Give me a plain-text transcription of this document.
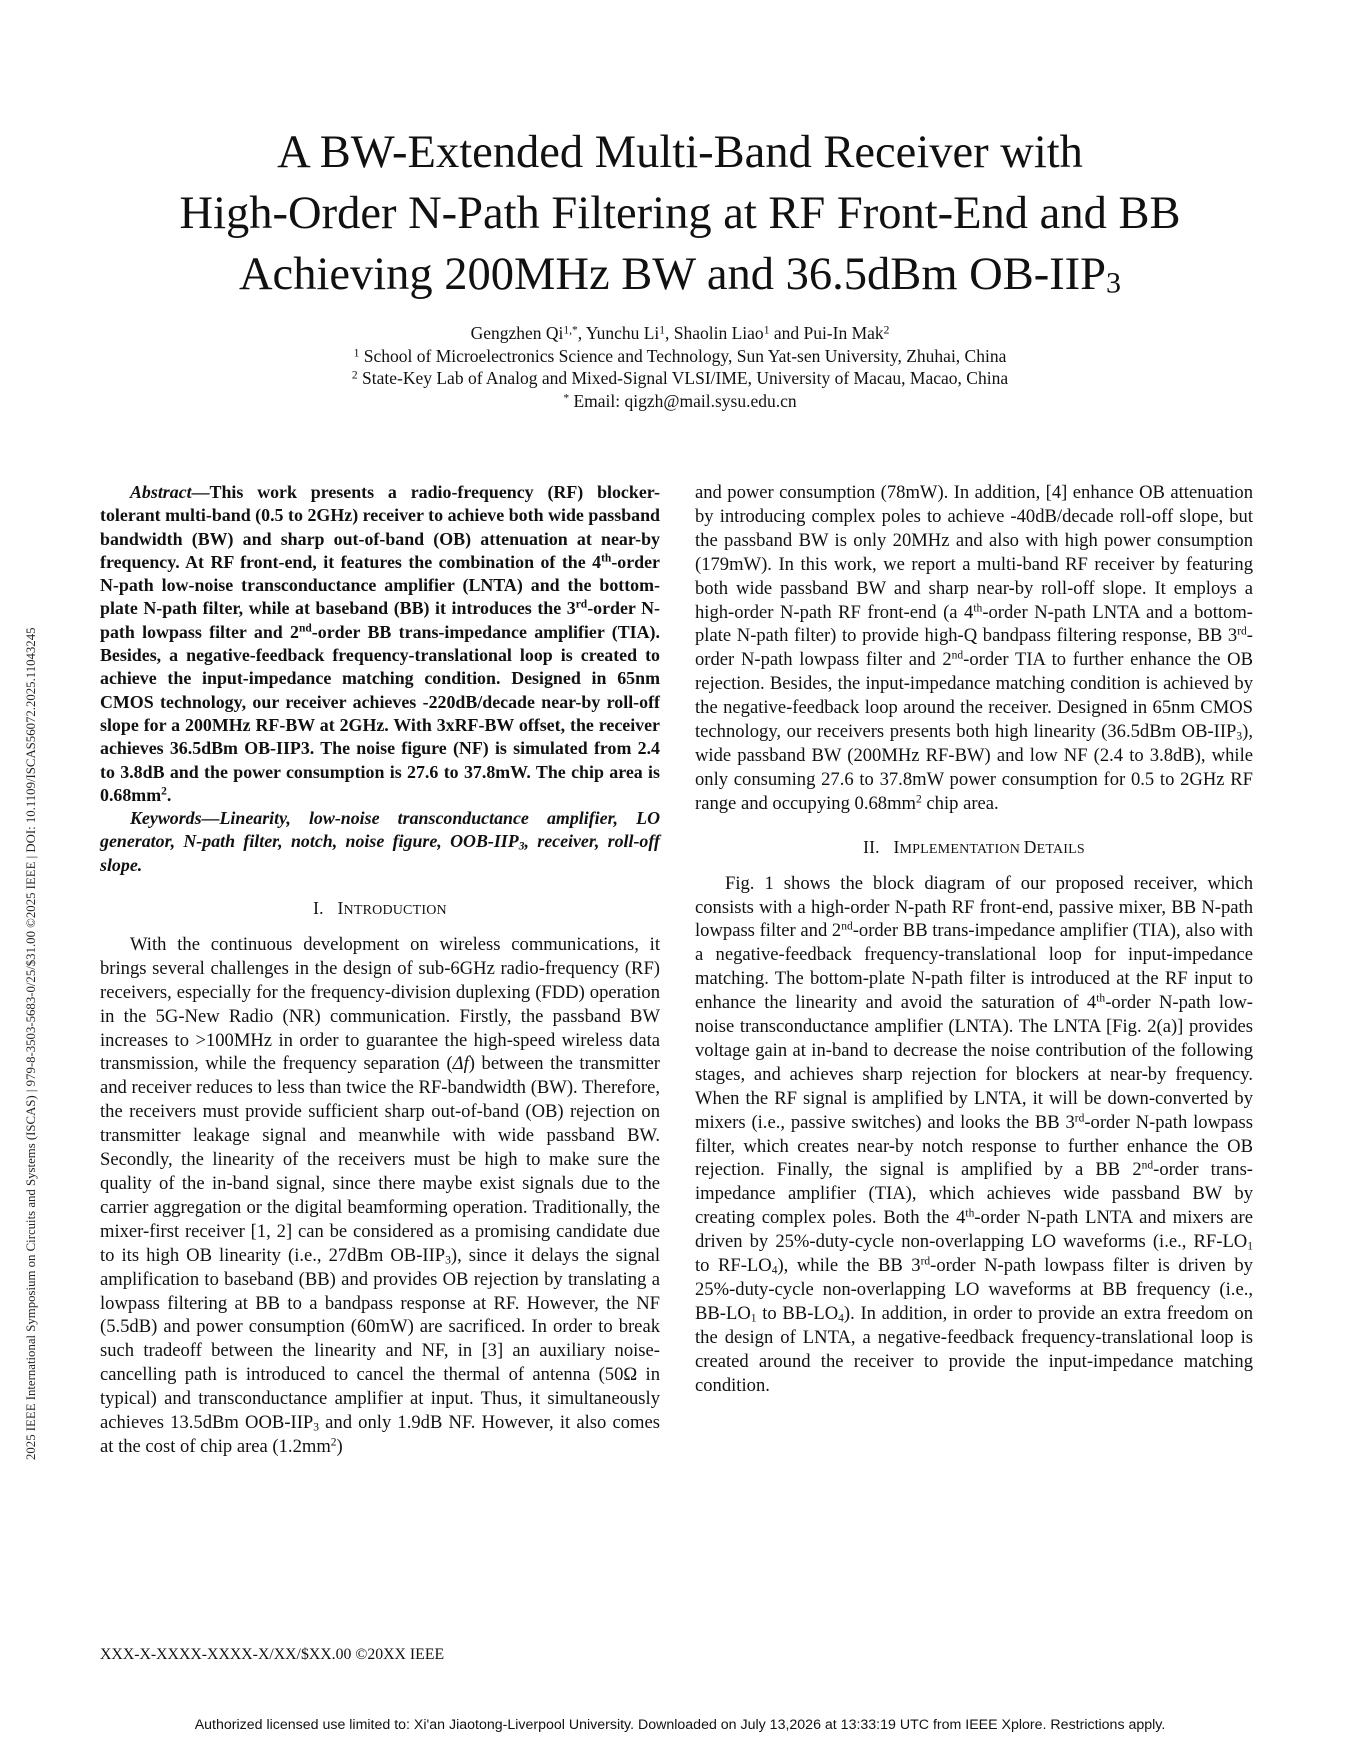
2025 IEEE International Symposium on Circuits and Systems (ISCAS) | 979-8-3503-5683-0/25/$31.00 ©2025 IEEE | DOI: 10.1109/ISCAS56072.2025.11043245
A BW-Extended Multi-Band Receiver with
High-Order N-Path Filtering at RF Front-End and BB
Achieving 200MHz BW and 36.5dBm $OB-IIP_3$
Gengzhen $Qi^{1,*}$, Yunchu Li$^1$, Shaolin Liao$^1$ and Pui-In Mak$^2$
$^1$ School of Microelectronics Science and Technology, Sun Yat-sen University, Zhuhai, China
$^2$ State-Key Lab of Analog and Mixed-Signal VLSI/IME, University of Macau, Macao, China
* Email: qigzh@mail.sysu.edu.cn

Abstract—This work presents a radio-frequency (RF) blocker-tolerant multi-band (0.5 to 2GHz) receiver to achieve both wide passband bandwidth (BW) and sharp out-of-band (OB) attenuation at near-by frequency. At RF front-end, it features the combination of the 4th-order N-path low-noise transconductance amplifier (LNTA) and the bottom-plate N-path filter, while at baseband (BB) it introduces the 3rd-order N-path lowpass filter and 2nd-order BB trans-impedance amplifier (TIA). Besides, a negative-feedback frequency-translational loop is created to achieve the input-impedance matching condition. Designed in 65nm CMOS technology, our receiver achieves -220dB/decade near-by roll-off slope for a 200MHz RF-BW at 2GHz. With 3xRF-BW offset, the receiver achieves 36.5dBm OB-IIP3. The noise figure (NF) is simulated from 2.4 to 3.8dB and the power consumption is 27.6 to 37.8mW. The chip area is $0.68mm^2$.

Keywords—Linearity, low-noise transconductance amplifier, LO generator, N-path filter, notch, noise figure, OOB-$IIP_3$, receiver, roll-off slope.

I. INTRODUCTION

With the continuous development on wireless communications, it brings several challenges in the design of sub-6GHz radio-frequency (RF) receivers, especially for the frequency-division duplexing (FDD) operation in the 5G-New Radio (NR) communication. Firstly, the passband BW increases to >100MHz in order to guarantee the high-speed wireless data transmission, while the frequency separation (Δf) between the transmitter and receiver reduces to less than twice the RF-bandwidth (BW). Therefore, the receivers must provide sufficient sharp out-of-band (OB) rejection on transmitter leakage signal and meanwhile with wide passband BW. Secondly, the linearity of the receivers must be high to make sure the quality of the in-band signal, since there maybe exist signals due to the carrier aggregation or the digital beamforming operation. Traditionally, the mixer-first receiver [1, 2] can be considered as a promising candidate due to its high OB linearity (i.e., 27dBm $OB-IIP_3$), since it delays the signal amplification to baseband (BB) and provides OB rejection by translating a lowpass filtering at BB to a bandpass response at RF. However, the NF (5.5dB) and power consumption (60mW) are sacrificed. In order to break such tradeoff between the linearity and NF, in [3] an auxiliary noise-cancelling path is introduced to cancel the thermal of antenna (50Ω in typical) and transconductance amplifier at input. Thus, it simultaneously achieves 13.5dBm OOB-$IIP_3$ and only 1.9dB NF. However, it also comes at the cost of chip area $(1.2mm^2)$

and power consumption (78mW). In addition, [4] enhance OB attenuation by introducing complex poles to achieve -40dB/decade roll-off slope, but the passband BW is only 20MHz and also with high power consumption (179mW). In this work, we report a multi-band RF receiver by featuring both wide passband BW and sharp near-by roll-off slope. It employs a high-order N-path RF front-end (a 4th-order N-path LNTA and a bottom-plate N-path filter) to provide high-Q bandpass filtering response, BB 3rd-order N-path lowpass filter and 2nd-order TIA to further enhance the OB rejection. Besides, the input-impedance matching condition is achieved by the negative-feedback loop around the receiver. Designed in 65nm CMOS technology, our receivers presents both high linearity (36.5dBm $OB-IIP_3$), wide passband BW (200MHz RF-BW) and low NF (2.4 to 3.8dB), while only consuming 27.6 to 37.8mW power consumption for 0.5 to 2GHz RF range and occupying $0.68mm^2$ chip area.

II. IMPLEMENTATION DETAILS

Fig. 1 shows the block diagram of our proposed receiver, which consists with a high-order N-path RF front-end, passive mixer, BB N-path lowpass filter and 2nd-order BB trans-impedance amplifier (TIA), also with a negative-feedback frequency-translational loop for input-impedance matching. The bottom-plate N-path filter is introduced at the RF input to enhance the linearity and avoid the saturation of 4th-order N-path low-noise transconductance amplifier (LNTA). The LNTA [Fig. 2(a)] provides voltage gain at in-band to decrease the noise contribution of the following stages, and achieves sharp rejection for blockers at near-by frequency. When the RF signal is amplified by LNTA, it will be down-converted by mixers (i.e., passive switches) and looks the BB 3rd-order N-path lowpass filter, which creates near-by notch response to further enhance the OB rejection. Finally, the signal is amplified by a BB 2nd-order trans-impedance amplifier (TIA), which achieves wide passband BW by creating complex poles. Both the 4th-order N-path LNTA and mixers are driven by 25%-duty-cycle non-overlapping LO waveforms (i.e., $RF-LO_1$ to $RF-LO_4$), while the BB 3rd-order N-path lowpass filter is driven by 25%-duty-cycle non-overlapping LO waveforms at BB frequency (i.e., $BB-LO_1$ to $BB-LO_4$). In addition, in order to provide an extra freedom on the design of LNTA, a negative-feedback frequency-translational loop is created around the receiver to provide the input-impedance matching condition.

XXX-X-XXXX-XXXX-X/XX/$XX.00 ©20XX IEEE
Authorized licensed use limited to: Xi'an Jiaotong-Liverpool University. Downloaded on July 13,2026 at 13:33:19 UTC from IEEE Xplore. Restrictions apply.
